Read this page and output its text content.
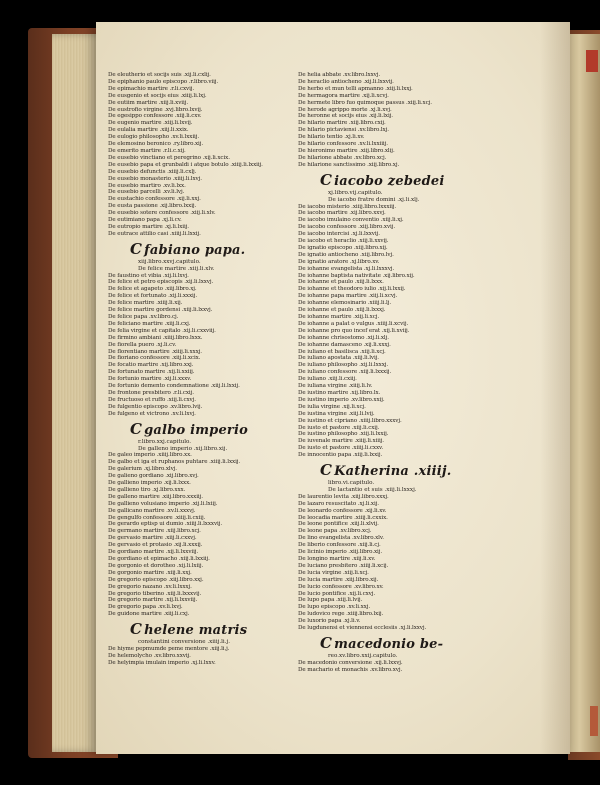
De eleutherio et socijs suis .xij.li.cxlij.
De epiphanio paulo episcopo .r.libro.viij.
De epimachio martire .r.li.cxvij.
De eusgenio et socijs eius .xiiij.li.lxj.
De eutiim martire .xiij.li.xviij.
De eustrofio virgine .xvj.libro.lxvij.
De egesippo confessore .xiij.li.cxv.
De eugenio martire .xiij.li.lxvij.
De eulalia martire .xiij.li.xxix.
De eulogio philosopho .xv.li.lxxiij.
De elemosino beronico .ry.libro.xij.
De emerito martire .r.li.c.xij.
De eusebio vinctiano et peregrino .xij.li.xcix.
De eusebio papa et grunbaldi i atque botulo .xiiij.li.lxxiij.
De eusebio defunctis .xiiij.li.cxlj.
De eusebio monasterio .xiiij.li.lxvj.
De eusebio martiro .xv.li.lxx.
De eusebio parcelli .xv.li.lvj.
De eustachio confessore .xij.li.xxj.
De eusta passione .xij.libro.lxxij.
De eusebio sotere confessore .xiij.li.xlv.
De eutimiano papa .xj.li.cv.
De eutropio martire .xj.li.lxiij.
De eutrace attilio casi .xiiij.li.lxxij.
C fabiano papa.
xiij.libro.xxvj.capitulo.
De felice martire .xiij.li.xlv.
De faustino et vibia .xij.li.lxvj.
De felice et petro episcopis .xij.li.lxxvj.
De felice et agapeto .xiij.libro.xj.
De felice et fortunato .xij.li.xxxij.
De felice martire .xiiij.li.xij.
De felice martire gordensi .xiij.li.lxxvj.
De felice papa .xv.libro.cj.
De feliciano martire .xiij.li.cxj.
De felia virgine et capitalo .xij.li.cxxviij.
De firmino ambiani .xiiij.libro.lxxx.
De fiorella puero .xj.li.cv.
De florentiano martire .xiiij.li.xxxj.
De fioriano confessore .xiij.li.xcix.
De focatio martire .xij.libro.xxj.
De fortunato martire .xij.li.xxiij.
De fortunio martire .xij.li.xxxv.
De fortunio demento condemnatione .xiij.li.lxxij.
De frontone presbitero .r.li.cxij.
De fructuoso et ruffo .xiij.li.cxvj.
De fulgentio episcopo .xv.libro.lvij.
De fulgeno et victrono .xv.li.lxvj.
C galbo imperio
r.libro.xxj.capitulo.
De galleno imperio .xij.libro.xij.
De galeo imperio .xiiij.libro.xx.
De galbo et iga et ruphanos puhtare .xiiij.li.lxxij.
De galerium .xj.libro.xlvj.
De galieno gordiano .xij.libro.xvj.
De gallieno imperio .xij.li.lxxx.
De gallieno tiro .xj.libro.xxx.
De galleno martire .xiij.libro.xxxiij.
De gallieno volusiano imperio .xij.li.lxiij.
De gallicano martire .xv.li.xxxvj.
De gengulfo confessore .xiiij.li.cxiij.
De gerardo eptisp ui dumio .xiiij.li.lxxxvij.
De germano martire .xiij.libro.xcj.
De gervasio martire .xiij.li.cxxvj.
De gervasio et protasio .xij.li.xxxij.
De gordiano martire .xij.li.lxxviij.
De gordiano et epimacho .xiij.li.lxxiij.
De gorgonio et dorotheo .xij.li.lxiij.
De gorgonio martire .xiij.li.xxj.
De gregorio episcopo .xiij.libro.xxj.
De gregorio nazano .xv.li.lxxxj.
De gregorio tiberino .xiij.li.lxxxvij.
De gregorio martire .xij.li.lxxviij.
De gregorio papa .xv.li.lxvj.
De guidone martire .xiij.li.cxj.
C helene matris
constantini conversione .xiiij.li.j.
De hiyme pepmumde peme mentore .xiij.li.j.
De helemolycho .xv.libro.xxvij.
De helyimpia imulain imperio .xj.li.lxxv.
De helia abbate .xv.libro.lxxvj.
De heraclio antiocheno .xij.li.lxxvij.
De herbo et mun telli apmanno .xiij.li.lxxj.
De hermagora martire .xij.li.xcvj.
De hermete libro fuo quimoque passus .xiij.li.xcj.
De herode agrippo morte .xj.li.xvj.
De heronne et socijs eius .xij.li.lxij.
De hilario martire .xiij.libro.cxij.
De hilario pictaviensi .xv.libro.lxj.
De hilario tentio .xj.li.xv.
De hilario confessore .xv.li.lxxiiij.
De hieronimo martire .xiij.libro.xlij.
De hilarione abbate .xv.libro.xcj.
De hilarione sanctissimo .xiij.libro.xj.
C iacobo zebedei
xj.libro.vij.capitulo.
De iacobo fratre domini .xj.li.xlj.
De iacobo misterio .xiiij.libro.lxxxiij.
De iacobo martire .xij.libro.xxvj.
De iacobo imulaino conventio .xiij.li.xj.
De iacobo confessore .xiij.libro.xvij.
De iacobo intercisi .xj.li.lxxvij.
De iacobo et heraclio .xiij.li.xxvij.
De ignatio episcopo .xiij.libro.xij.
De ignatio antiocheno .xiij.libro.lvj.
De ignatio aratore .xj.libro.xv.
De iohanne evangelista .xj.li.lxxxvj.
De iohanne baptista nativitate .xij.libro.xij.
De iohanne et paulo .xiij.li.lxxx.
De iohanne et theodoro iulio .xij.li.lxxij.
De iohanne papa martire .xiij.li.xcvj.
De iohanne elemosinario .xiiij.li.lj.
De iohanne et paulo .xiij.li.lxxxj.
De iohanne martire .xiij.li.xcj.
De iohanne a palat o vulgus .xiiij.li.xcvij.
De iohanne pro quo incef erat .xij.li.xviij.
De iohanne chrisostomo .xij.li.xlj.
De iohanne damasceno .xij.li.xxxj.
De iuliano et basilisca .xiij.li.xcj.
De iuliano apostata .xiij.li.lvij.
De iuliano philosopho .xij.li.lxxxj.
De iuliano confessore .xiij.li.lxxxij.
De iuliano .xiij.li.cxiij.
De iuliana virgine .xiiij.li.lv.
De iustino martire .xij.libro.lx.
De iustino imperio .xv.libro.xxij.
De iulia virgine .xij.li.xcj.
De iustina virgine .xiij.li.lvij.
De iustino et cipriano .xiiij.libro.xxxvj.
De iusto et pastore .xiij.li.cxij.
De iustino philosopho .xiij.li.lxxij.
De iuvenale martire .xiiij.li.xiiij.
De iusto et pastore .xiiij.li.cxxv.
De innocentio papa .xiij.li.lxxij.
C Katherina .xiiij.
libro.vi.capitulo.
De lactantio et suis .xiij.li.lxxxj.
De laurentio levita .xiij.libro.xxxj.
De lazaro resuscitato .xj.li.xij.
De leonardo confessore .xij.li.xv.
De leocadia martire .xiiij.li.cxxix.
De leone pontifice .xiij.li.xlvij.
De leone papa .xv.libro.xcj.
De lino evangelista .xv.libro.xlv.
De liberio confessore .xiij.li.cj.
De licinio imperio .xiij.libro.xij.
De longino martire .xiij.li.xv.
De luciano presbitero .xiiij.li.xcij.
De lucia virgine .xiij.li.xcj.
De lucia martire .xiij.libro.xij.
De lucio confessore .xv.libro.xv.
De lucio pontifice .xij.li.cxvj.
De lupo papa .xiij.li.lvij.
De lupo episcopo .xv.li.xxj.
De ludovico rege .xiiij.libro.lxij.
De luxorio papa .xj.li.v.
De lugdunensi et viennensi ecclesiis .xj.li.lxxvj.
C macedonio be-
reo.xv.libro.xxij.capitulo.
De macedonio conversione .xij.li.lxxvj.
De machario et monachis .xv.libro.xvj.
